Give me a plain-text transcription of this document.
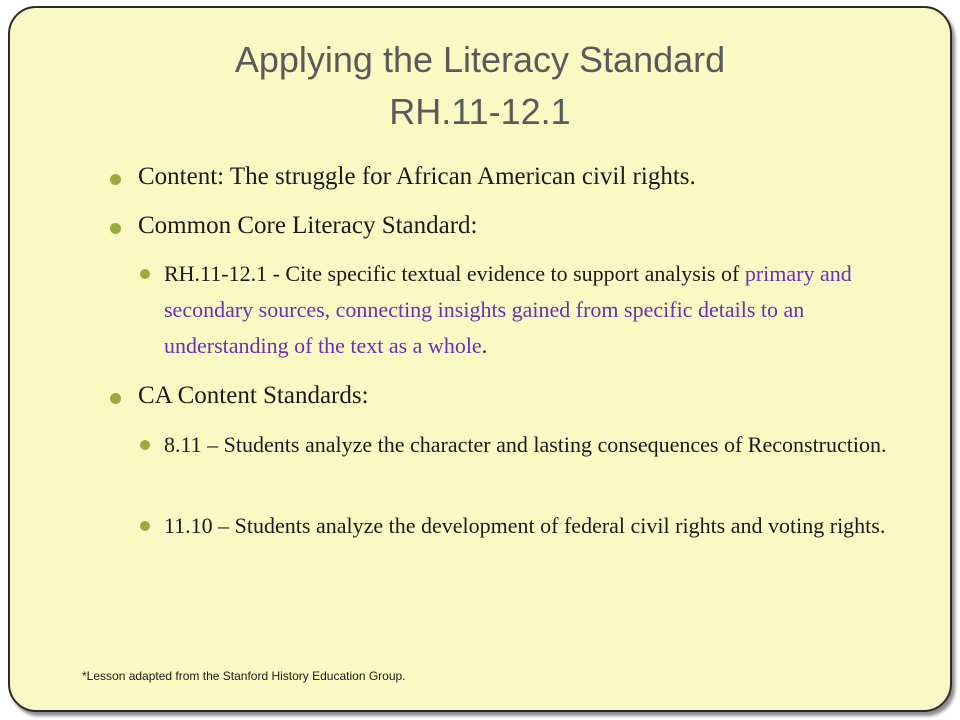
Applying the Literacy Standard
RH.11-12.1
Content: The struggle for African American civil rights.
Common Core Literacy Standard:
RH.11-12.1 - Cite specific textual evidence to support analysis of primary and secondary sources, connecting insights gained from specific details to an understanding of the text as a whole.
CA Content Standards:
8.11 – Students analyze the character and lasting consequences of Reconstruction.
11.10 – Students analyze the development of federal civil rights and voting rights.
*Lesson adapted from the Stanford History Education Group.
